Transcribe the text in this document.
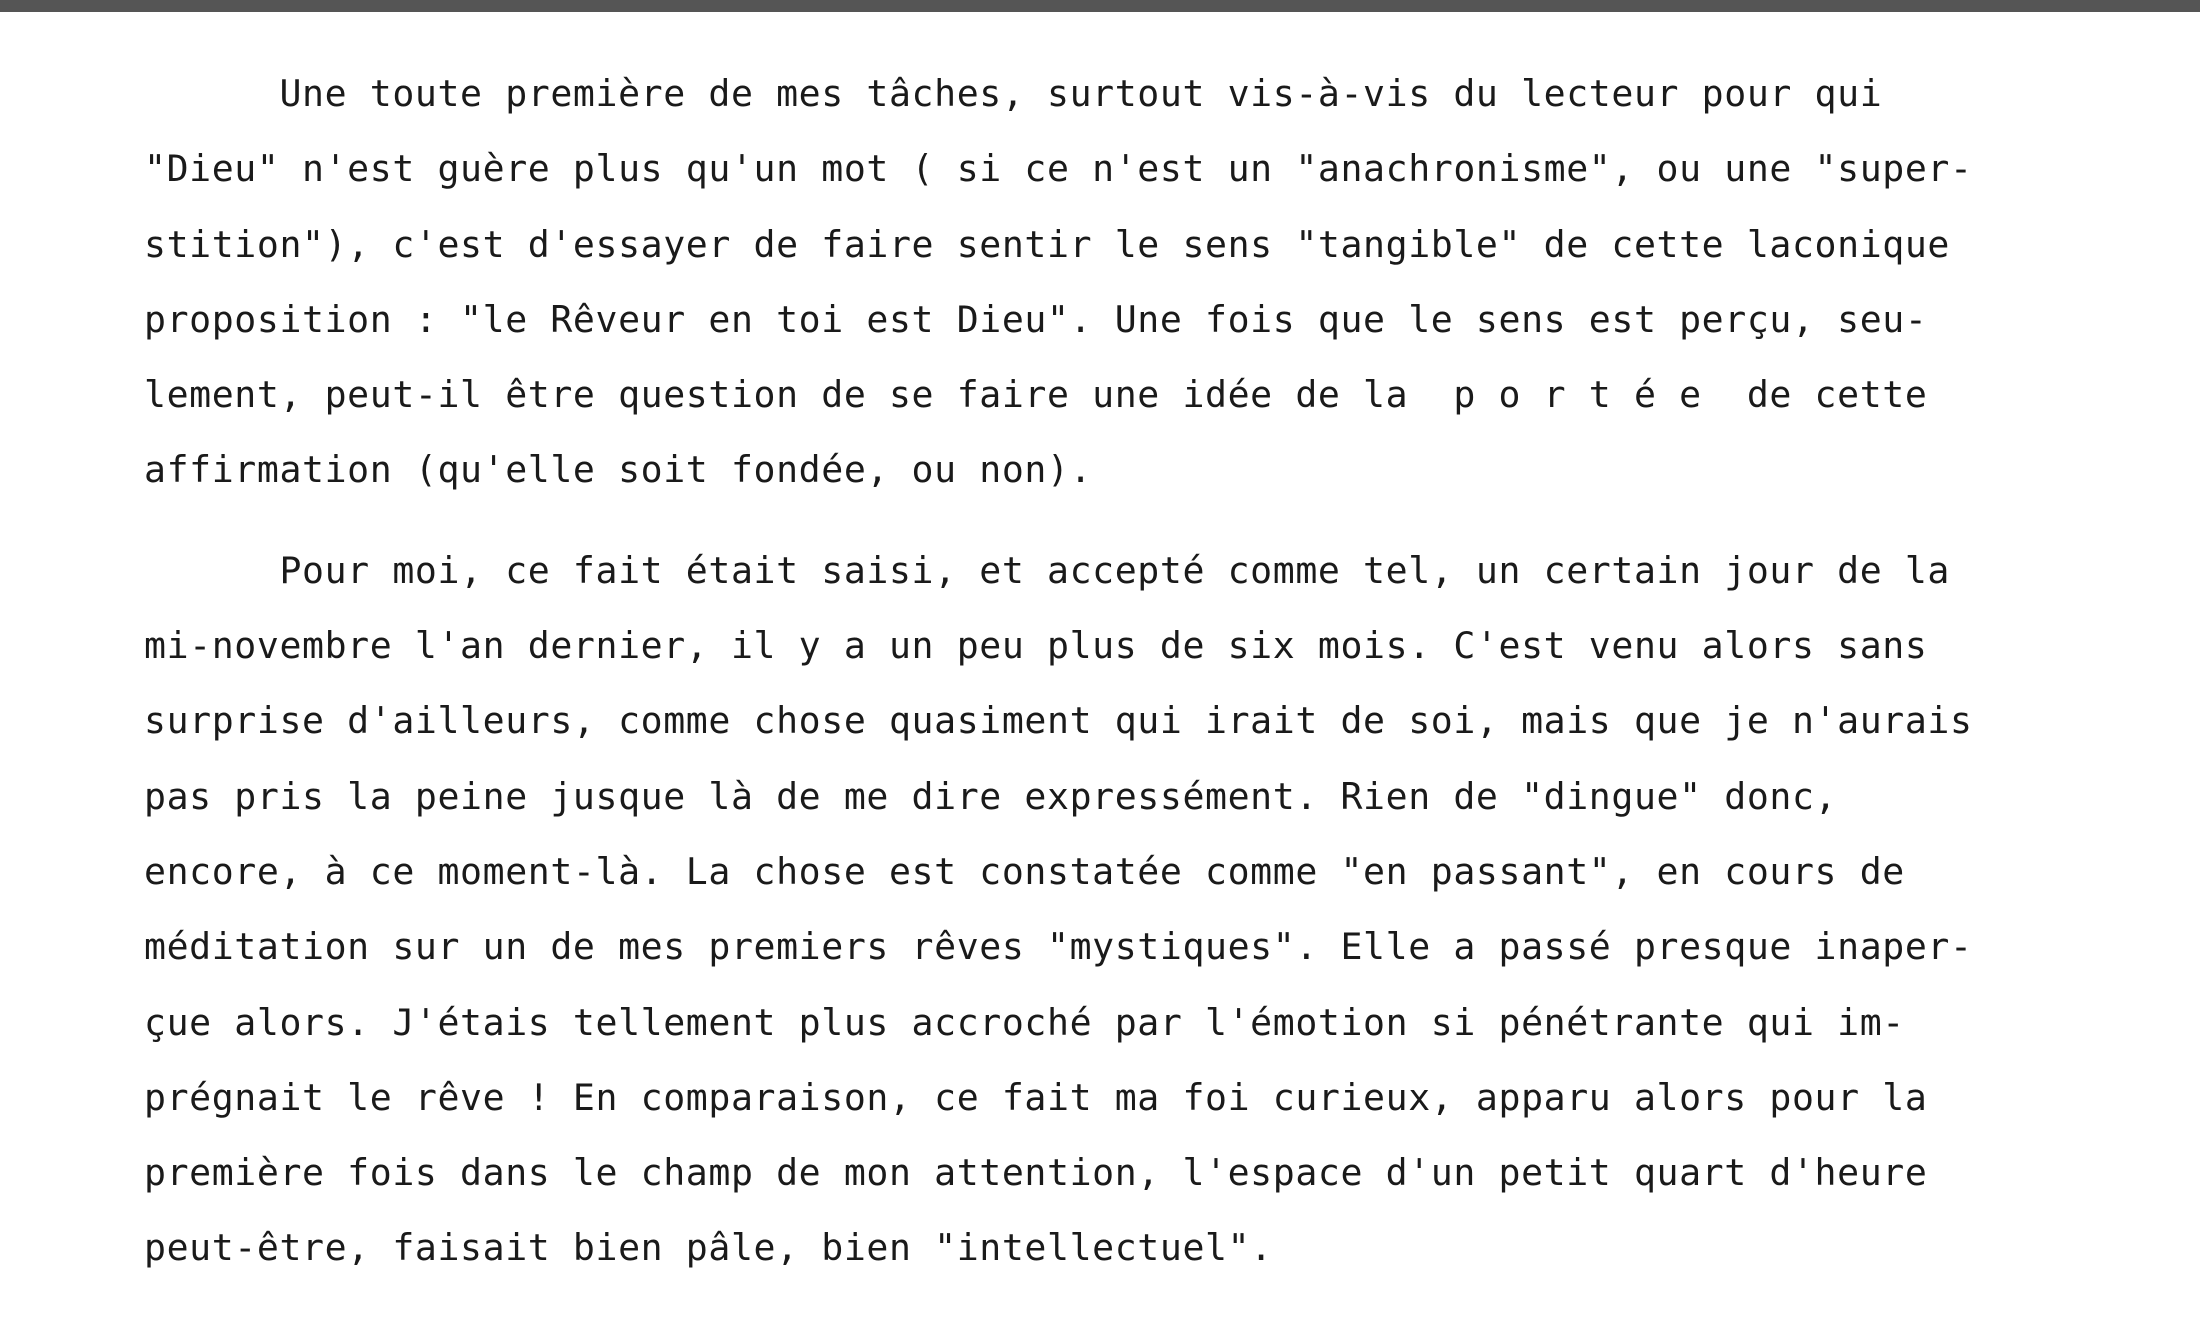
Une toute première de mes tâches, surtout vis-à-vis du lecteur pour qui
"Dieu" n'est guère plus qu'un mot ( si ce n'est un "anachronisme", ou une "super-
stition"), c'est d'essayer de faire sentir le sens "tangible" de cette laconique
proposition : "le Rêveur en toi est Dieu". Une fois que le sens est perçu, seu-
lement, peut-il être question de se faire une idée de la  p o r t é e  de cette
affirmation (qu'elle soit fondée, ou non).

Pour moi, ce fait était saisi, et accepté comme tel, un certain jour de la
mi-novembre l'an dernier, il y a un peu plus de six mois. C'est venu alors sans
surprise d'ailleurs, comme chose quasiment qui irait de soi, mais que je n'aurais
pas pris la peine jusque là de me dire expressément. Rien de "dingue" donc,
encore, à ce moment-là. La chose est constatée comme "en passant", en cours de
méditation sur un de mes premiers rêves "mystiques". Elle a passé presque inaper-
çue alors. J'étais tellement plus accroché par l'émotion si pénétrante qui im-
prégnait le rêve ! En comparaison, ce fait ma foi curieux, apparu alors pour la
première fois dans le champ de mon attention, l'espace d'un petit quart d'heure
peut-être, faisait bien pâle, bien "intellectuel".
